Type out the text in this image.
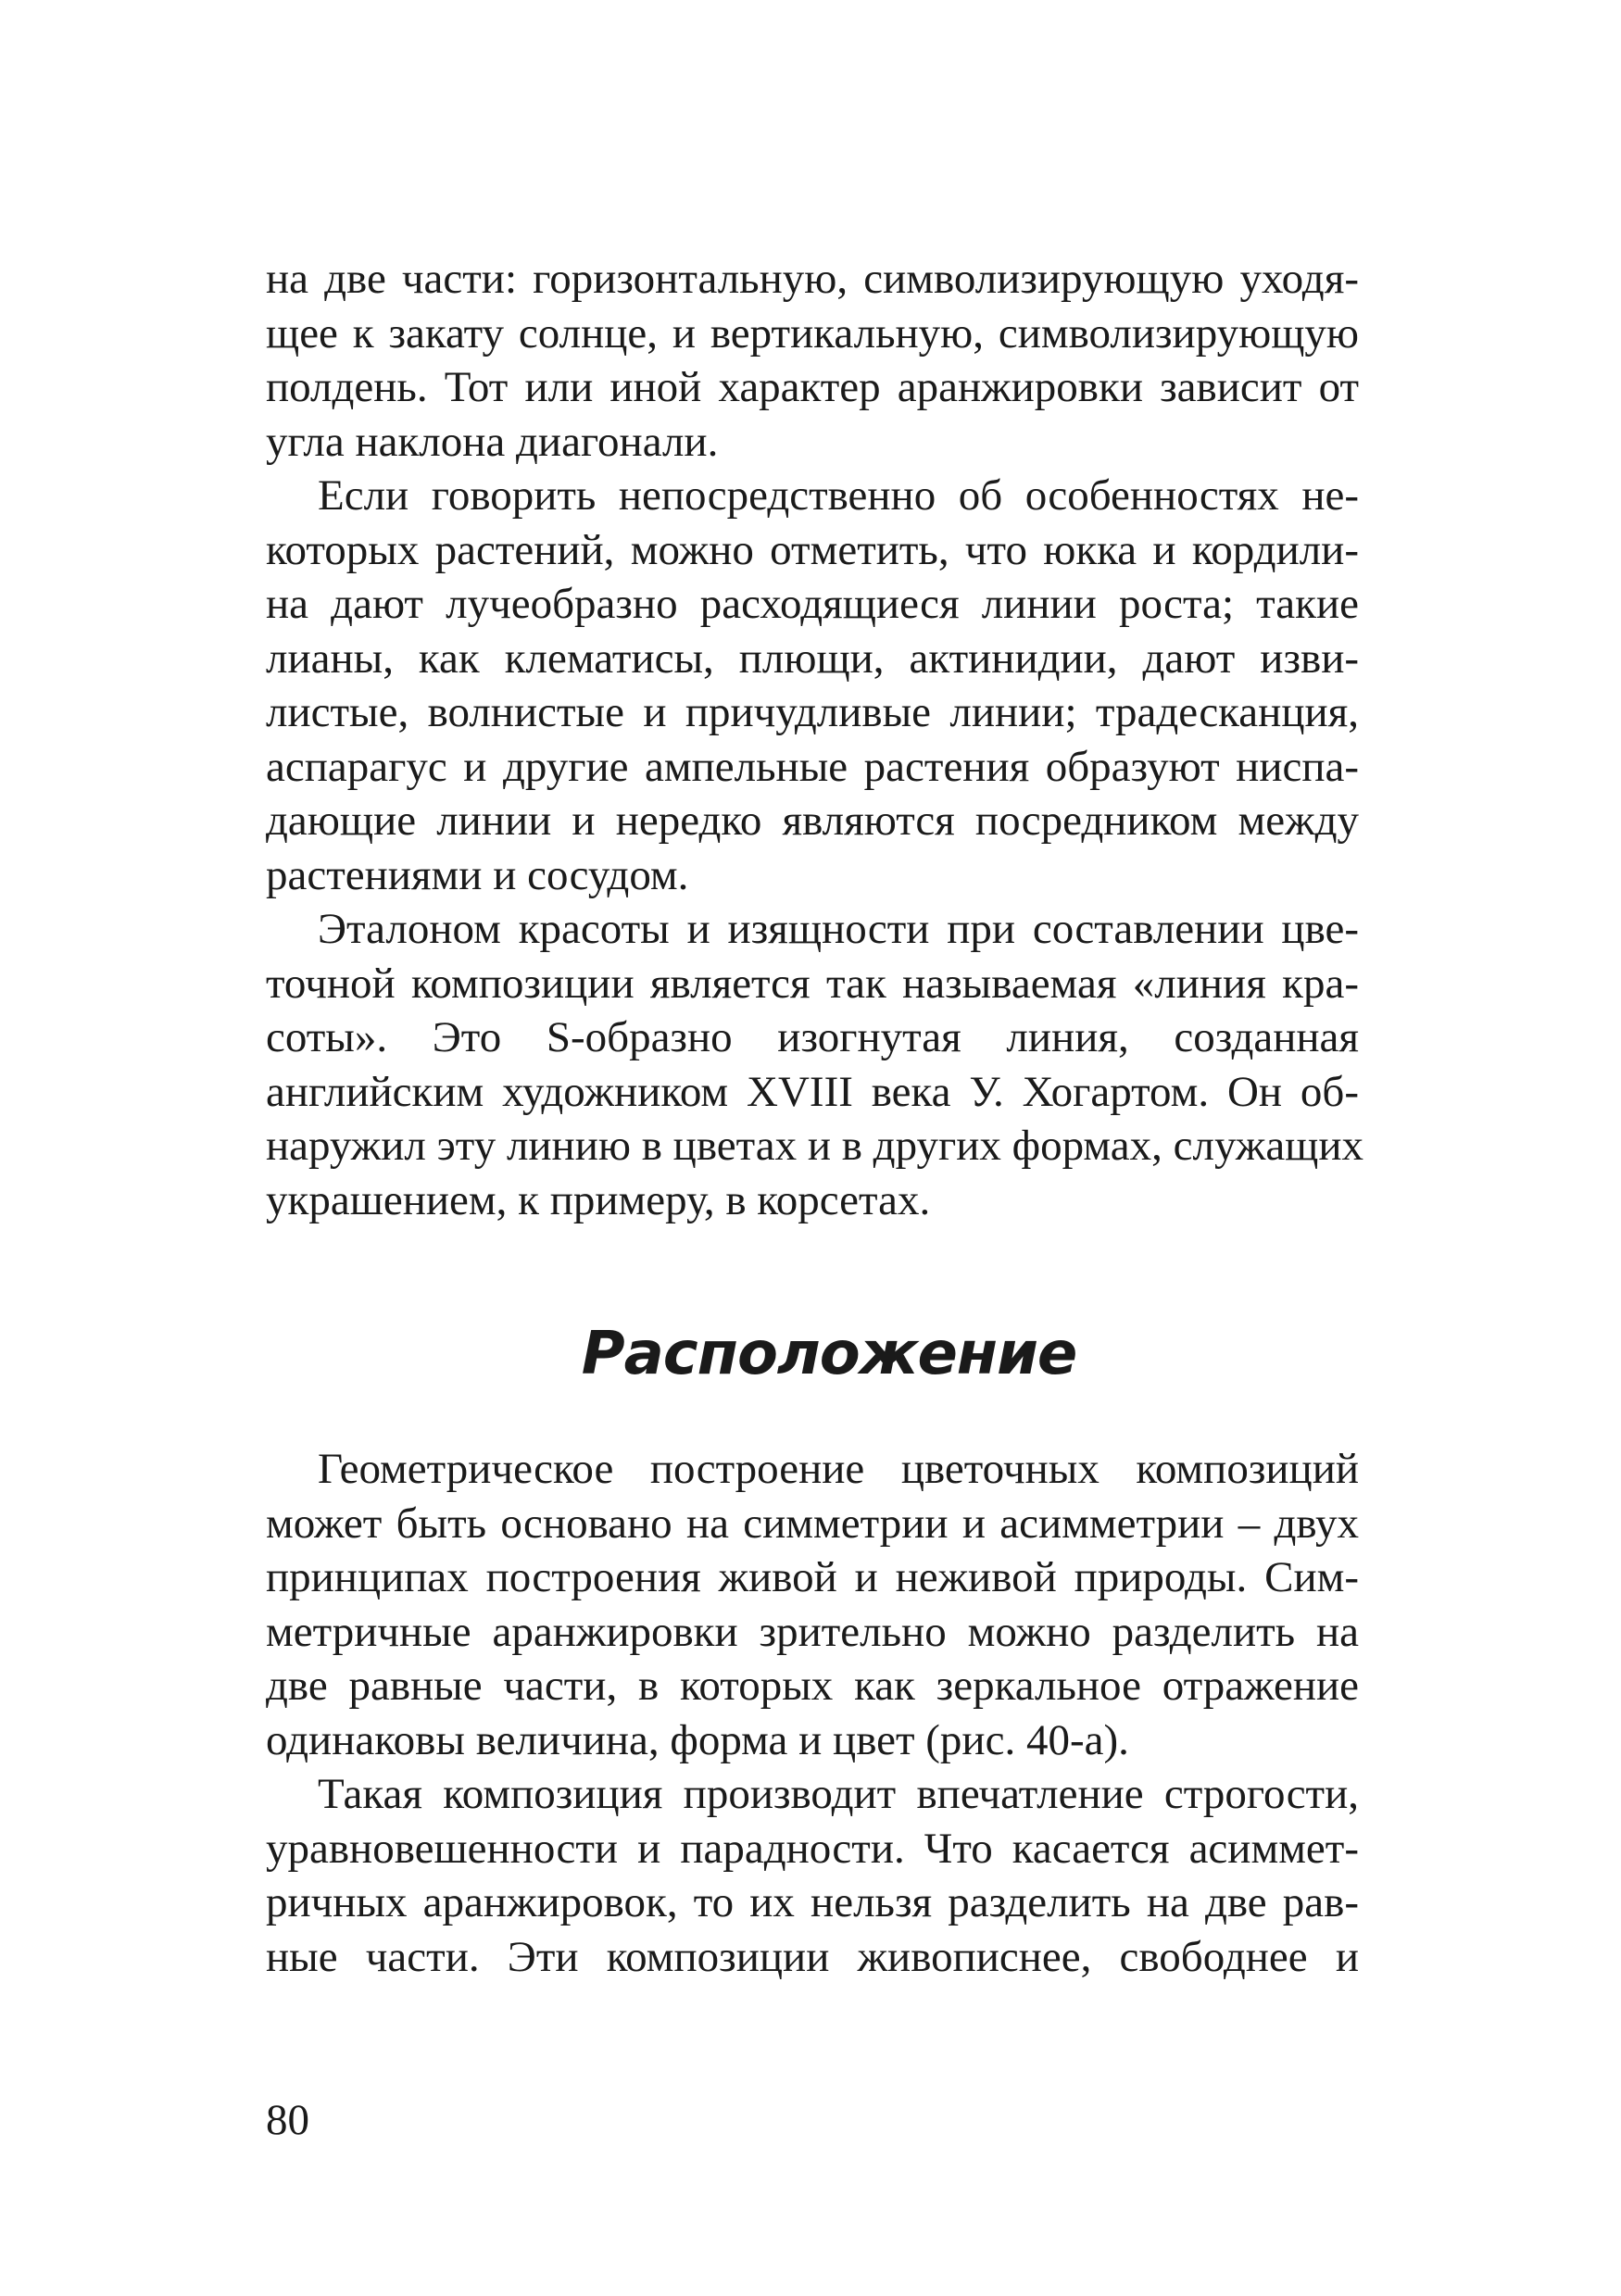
на две части: горизонтальную, символизирующую уходя-
щее к закату солнце, и вертикальную, символизирующую
полдень. Тот или иной характер аранжировки зависит от
угла наклона диагонали.
Если говорить непосредственно об особенностях не-
которых растений, можно отметить, что юкка и кордили-
на дают лучеобразно расходящиеся линии роста; такие
лианы, как клематисы, плющи, актинидии, дают изви-
листые, волнистые и причудливые линии; традесканция,
аспарагус и другие ампельные растения образуют ниспа-
дающие линии и нередко являются посредником между
растениями и сосудом.
Эталоном красоты и изящности при составлении цве-
точной композиции является так называемая «линия кра-
соты». Это S-образно изогнутая линия, созданная
английским художником XVIII века У. Хогартом. Он об-
наружил эту линию в цветах и в других формах, служащих
украшением, к примеру, в корсетах.
Расположение
Геометрическое построение цветочных композиций
может быть основано на симметрии и асимметрии – двух
принципах построения живой и неживой природы. Сим-
метричные аранжировки зрительно можно разделить на
две равные части, в которых как зеркальное отражение
одинаковы величина, форма и цвет (рис. 40-а).
Такая композиция производит впечатление строгости,
уравновешенности и парадности. Что касается асиммет-
ричных аранжировок, то их нельзя разделить на две рав-
ные части. Эти композиции живописнее, свободнее и
80
